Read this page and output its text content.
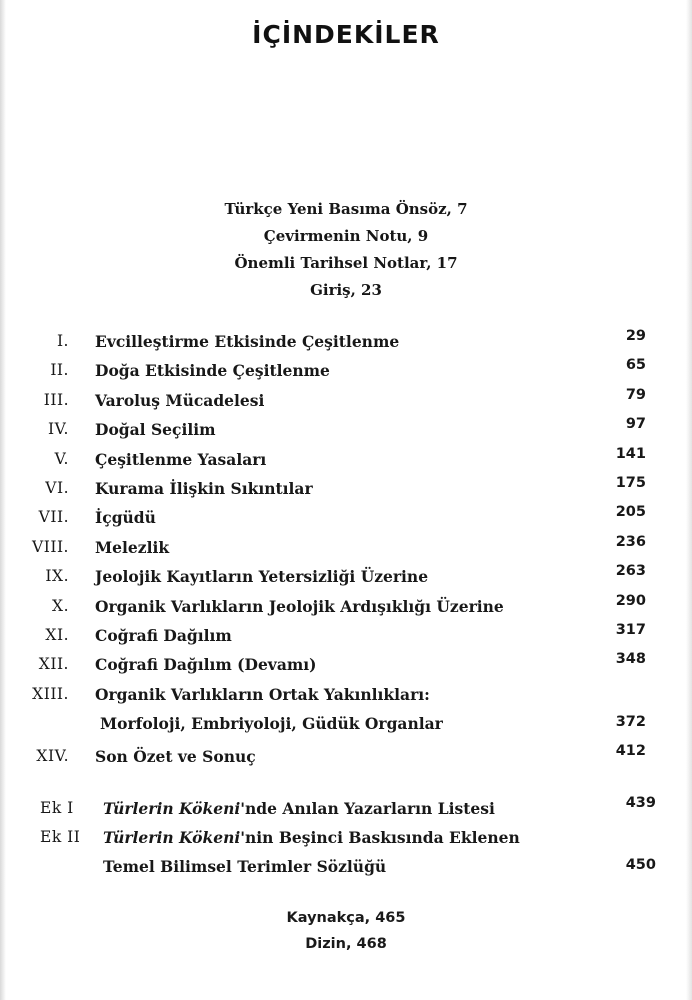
İÇİNDEKİLER
Türkçe Yeni Basıma Önsöz, 7
Çevirmenin Notu, 9
Önemli Tarihsel Notlar, 17
Giriş, 23
I. Evcilleştirme Etkisinde Çeşitlenme	29
II. Doğa Etkisinde Çeşitlenme	65
III. Varoluş Mücadelesi	79
IV. Doğal Seçilim	97
V. Çeşitlenme Yasaları	141
VI. Kurama İlişkin Sıkıntılar	175
VII. İçgüdü	205
VIII. Melezlik	236
IX. Jeolojik Kayıtların Yetersizliği Üzerine	263
X. Organik Varlıkların Jeolojik Ardışıklığı Üzerine	290
XI. Coğrafi Dağılım	317
XII. Coğrafi Dağılım (Devamı)	348
XIII. Organik Varlıkların Ortak Yakınlıkları:
Morfoloji, Embriyoloji, Güdük Organlar	372
XIV. Son Özet ve Sonuç	412
Ek I Türlerin Kökeni'nde Anılan Yazarların Listesi	439
Ek II Türlerin Kökeni'nin Beşinci Baskısında Eklenen
Temel Bilimsel Terimler Sözlüğü	450
Kaynakça, 465
Dizin, 468
